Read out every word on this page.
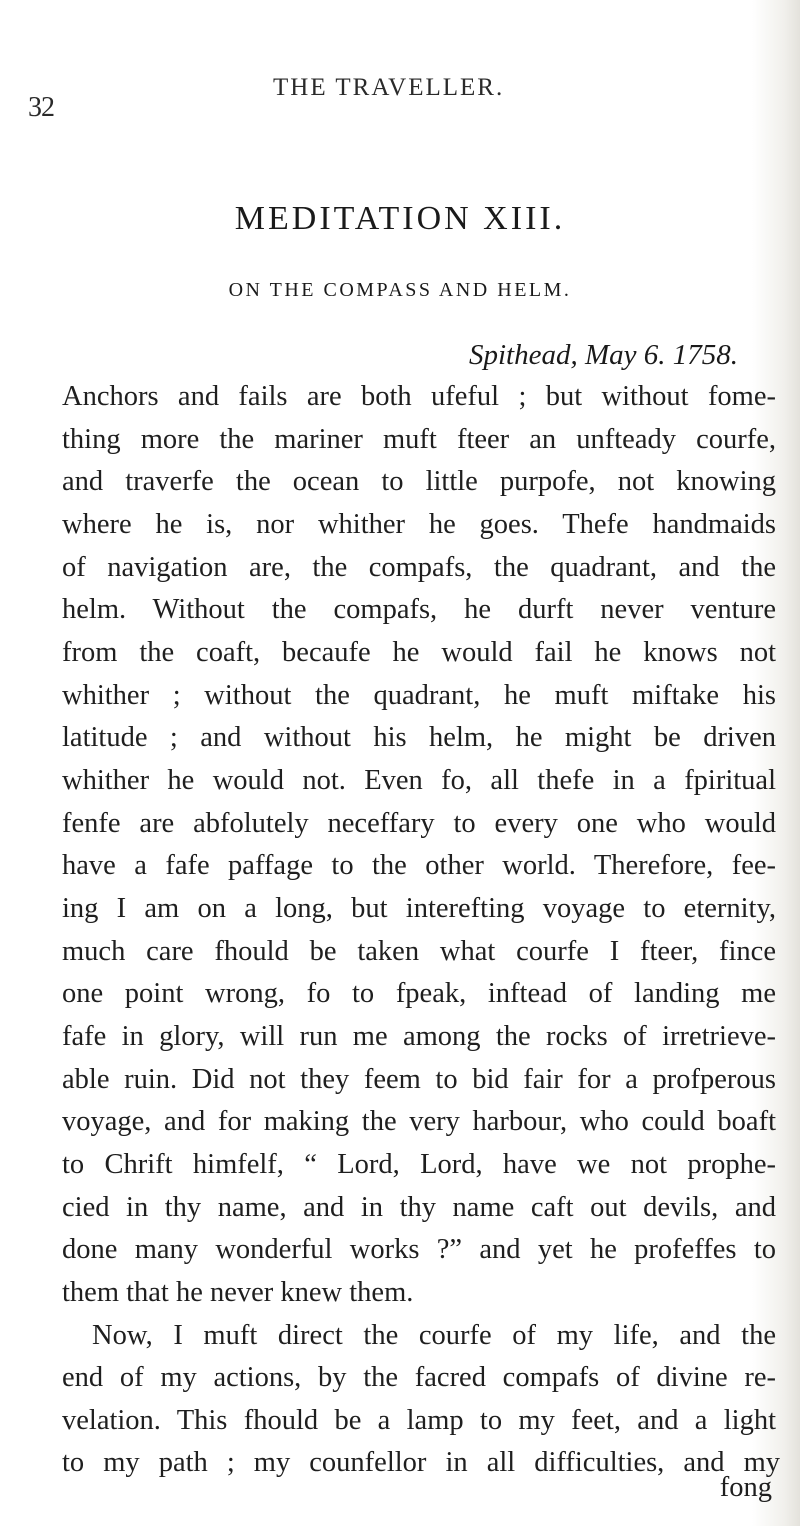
32
THE TRAVELLER.
MEDITATION XIII.
ON THE COMPASS AND HELM.
Spithead, May 6. 1758.
Anchors and fails are both ufeful ; but without fome-
thing more the mariner muft fteer an unfteady courfe,
and traverfe the ocean to little purpofe, not knowing
where he is, nor whither he goes. Thefe handmaids
of navigation are, the compafs, the quadrant, and the
helm. Without the compafs, he durft never venture
from the coaft, becaufe he would fail he knows not
whither ; without the quadrant, he muft miftake his
latitude ; and without his helm, he might be driven
whither he would not. Even fo, all thefe in a fpiritual
fenfe are abfolutely neceffary to every one who would
have a fafe paffage to the other world. Therefore, fee-
ing I am on a long, but interefting voyage to eternity,
much care fhould be taken what courfe I fteer, fince
one point wrong, fo to fpeak, inftead of landing me
fafe in glory, will run me among the rocks of irretrieve-
able ruin. Did not they feem to bid fair for a profperous
voyage, and for making the very harbour, who could boaft
to Chrift himfelf, “ Lord, Lord, have we not prophe-
cied in thy name, and in thy name caft out devils, and
done many wonderful works ?” and yet he profeffes to
them that he never knew them.
Now, I muft direct the courfe of my life, and the
end of my actions, by the facred compafs of divine re-
velation. This fhould be a lamp to my feet, and a light
to my path ; my counfellor in all difficulties, and my
fong
